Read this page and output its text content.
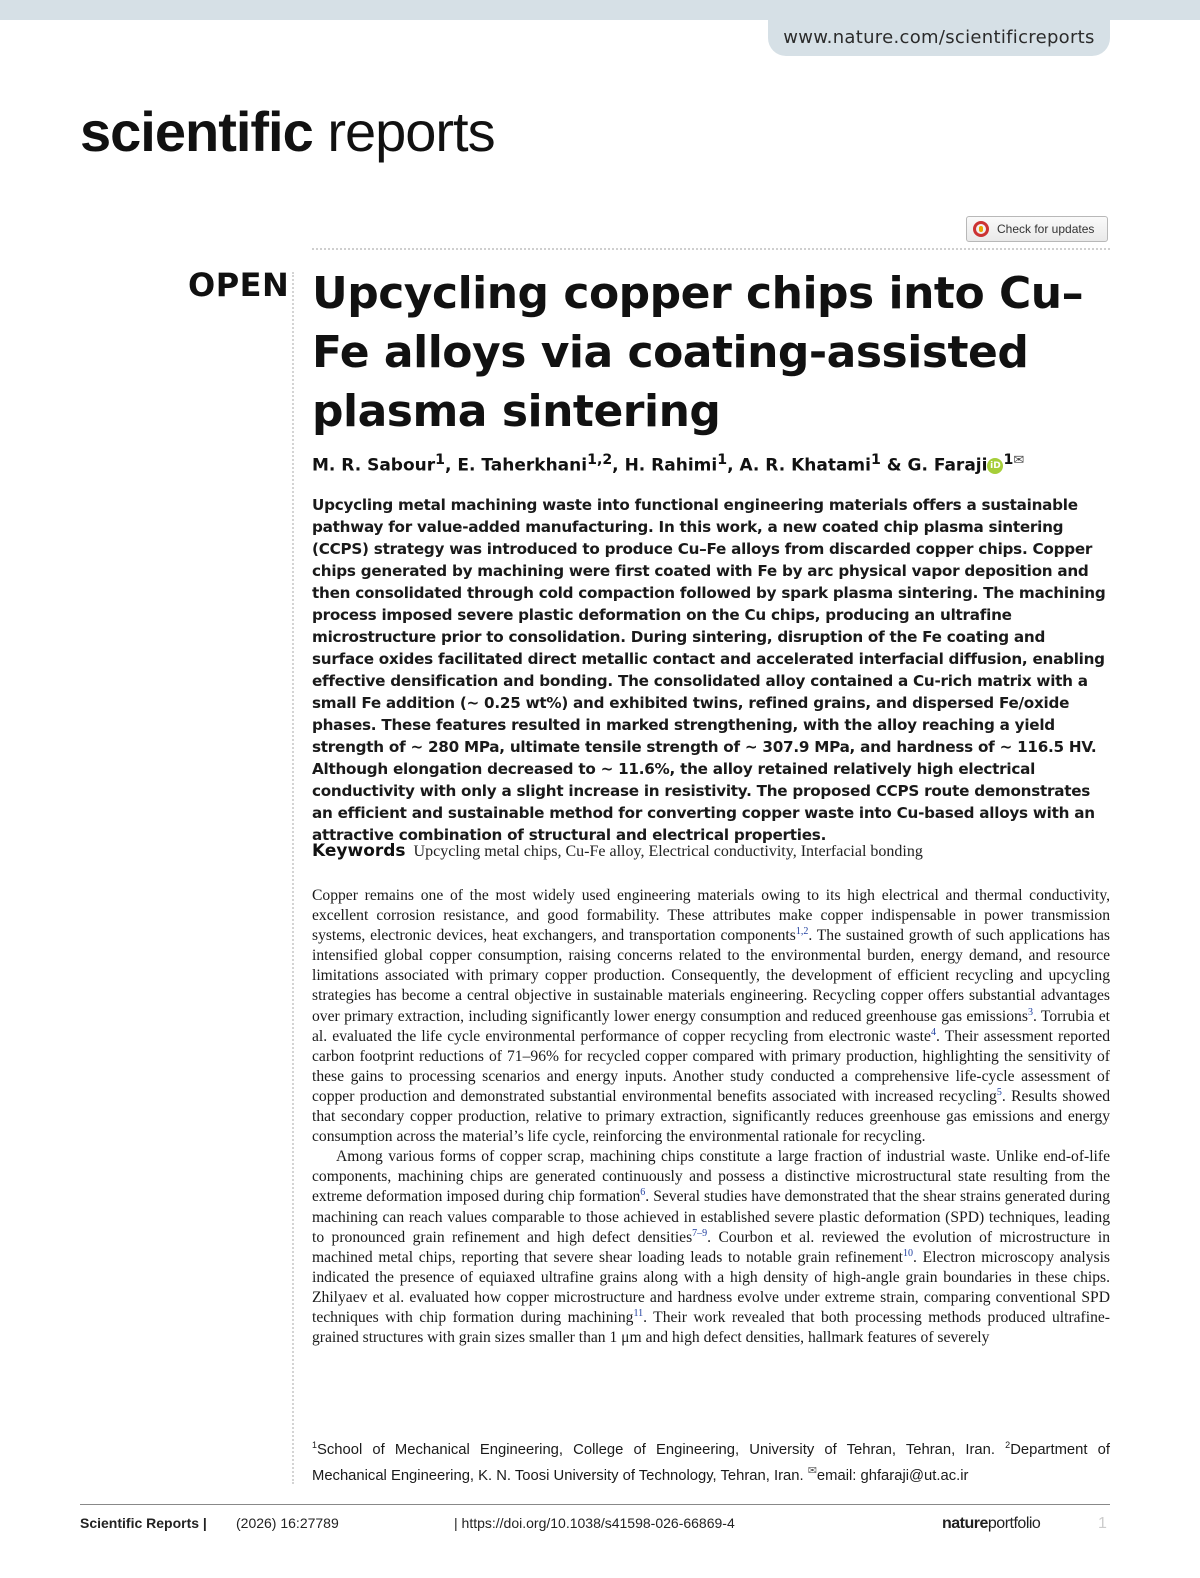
www.nature.com/scientificreports
scientific reports
Check for updates
OPEN Upcycling copper chips into Cu–Fe alloys via coating-assisted plasma sintering
M. R. Sabour$^1$, E. Taherkhani$^{1,2}$, H. Rahimi$^1$, A. R. Khatami$^1$ & G. Faraji iD $^{1✉}$

Upcycling metal machining waste into functional engineering materials offers a sustainable pathway for value-added manufacturing. In this work, a new coated chip plasma sintering (CCPS) strategy was introduced to produce Cu–Fe alloys from discarded copper chips. Copper chips generated by machining were first coated with Fe by arc physical vapor deposition and then consolidated through cold compaction followed by spark plasma sintering. The machining process imposed severe plastic deformation on the Cu chips, producing an ultrafine microstructure prior to consolidation. During sintering, disruption of the Fe coating and surface oxides facilitated direct metallic contact and accelerated interfacial diffusion, enabling effective densification and bonding. The consolidated alloy contained a Cu-rich matrix with a small Fe addition (~ 0.25 wt%) and exhibited twins, refined grains, and dispersed Fe/oxide phases. These features resulted in marked strengthening, with the alloy reaching a yield strength of ~ 280 MPa, ultimate tensile strength of ~ 307.9 MPa, and hardness of ~ 116.5 HV. Although elongation decreased to ~ 11.6%, the alloy retained relatively high electrical conductivity with only a slight increase in resistivity. The proposed CCPS route demonstrates an efficient and sustainable method for converting copper waste into Cu-based alloys with an attractive combination of structural and electrical properties.

Keywords Upcycling metal chips, Cu-Fe alloy, Electrical conductivity, Interfacial bonding

Copper remains one of the most widely used engineering materials owing to its high electrical and thermal conductivity, excellent corrosion resistance, and good formability. These attributes make copper indispensable in power transmission systems, electronic devices, heat exchangers, and transportation components$^{1,2}$. The sustained growth of such applications has intensified global copper consumption, raising concerns related to the environmental burden, energy demand, and resource limitations associated with primary copper production. Consequently, the development of efficient recycling and upcycling strategies has become a central objective in sustainable materials engineering. Recycling copper offers substantial advantages over primary extraction, including significantly lower energy consumption and reduced greenhouse gas emissions$^3$. Torrubia et al. evaluated the life cycle environmental performance of copper recycling from electronic waste$^4$. Their assessment reported carbon footprint reductions of 71–96% for recycled copper compared with primary production, highlighting the sensitivity of these gains to processing scenarios and energy inputs. Another study conducted a comprehensive life-cycle assessment of copper production and demonstrated substantial environmental benefits associated with increased recycling$^5$. Results showed that secondary copper production, relative to primary extraction, significantly reduces greenhouse gas emissions and energy consumption across the material’s life cycle, reinforcing the environmental rationale for recycling.

Among various forms of copper scrap, machining chips constitute a large fraction of industrial waste. Unlike end-of-life components, machining chips are generated continuously and possess a distinctive microstructural state resulting from the extreme deformation imposed during chip formation$^6$. Several studies have demonstrated that the shear strains generated during machining can reach values comparable to those achieved in established severe plastic deformation (SPD) techniques, leading to pronounced grain refinement and high defect densities$^{7-9}$. Courbon et al. reviewed the evolution of microstructure in machined metal chips, reporting that severe shear loading leads to notable grain refinement$^{10}$. Electron microscopy analysis indicated the presence of equiaxed ultrafine grains along with a high density of high-angle grain boundaries in these chips. Zhilyaev et al. evaluated how copper microstructure and hardness evolve under extreme strain, comparing conventional SPD techniques with chip formation during machining$^{11}$. Their work revealed that both processing methods produced ultrafine-grained structures with grain sizes smaller than 1 μm and high defect densities, hallmark features of severely

$^1$School of Mechanical Engineering, College of Engineering, University of Tehran, Tehran, Iran. $^2$Department of Mechanical Engineering, K. N. Toosi University of Technology, Tehran, Iran. ✉email: ghfaraji@ut.ac.ir
Scientific Reports | (2026) 16:27789	| https://doi.org/10.1038/s41598-026-66869-4	natureportfolio	1
